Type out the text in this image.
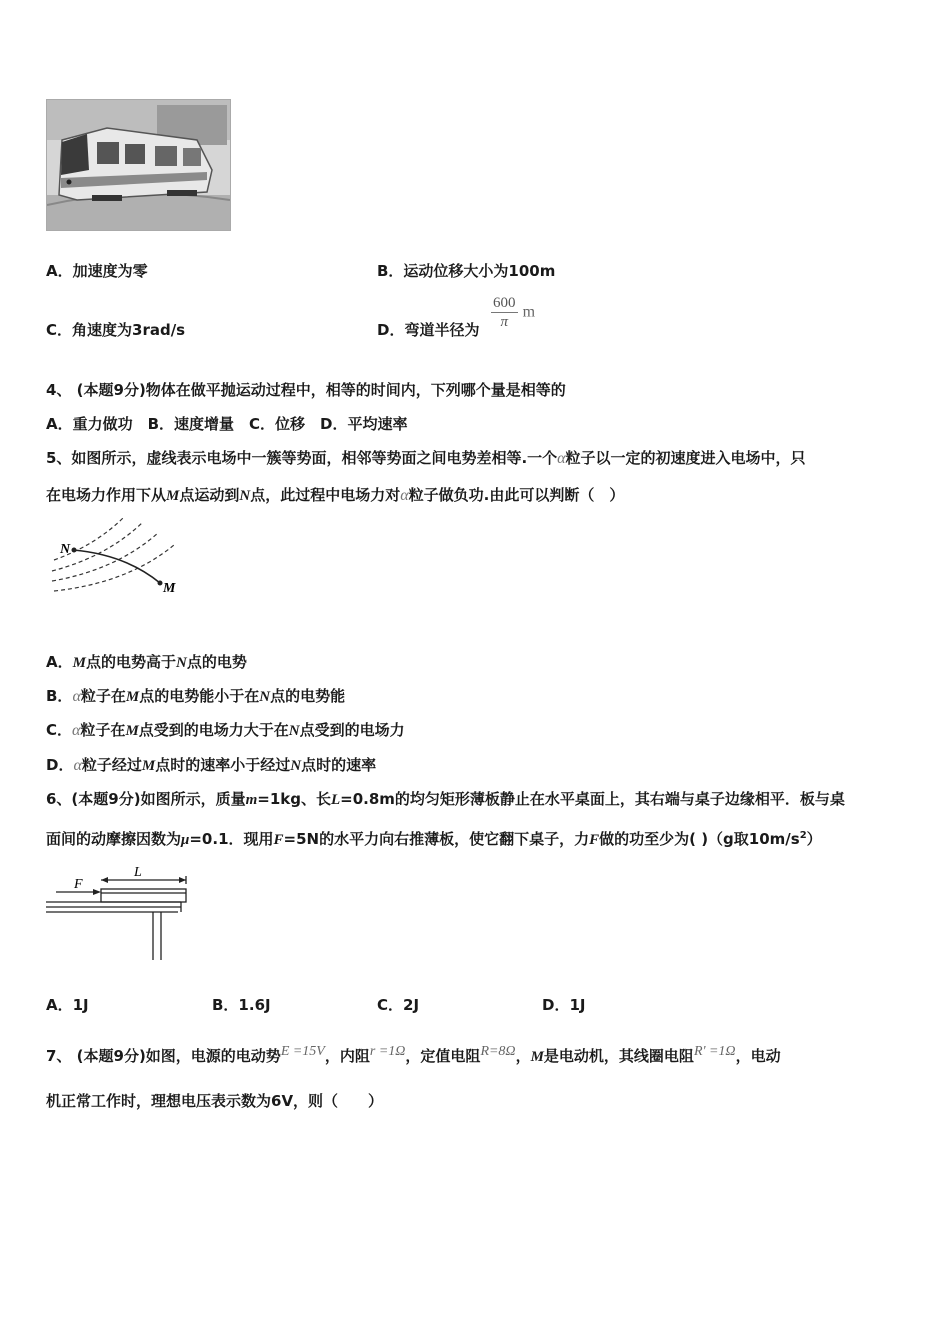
A．加速度为零	B．运动位移大小为100m
C．角速度为3rad/s	D．弯道半径为 $\frac{600}{\pi}$ m
4、 (本题9分)物体在做平抛运动过程中，相等的时间内，下列哪个量是相等的
A．重力做功　B．速度增量　C．位移　D．平均速率
5、如图所示，虚线表示电场中一簇等势面，相邻等势面之间电势差相等.一个α粒子以一定的初速度进入电场中，只
在电场力作用下从M点运动到N点，此过程中电场力对α粒子做负功.由此可以判断（　）
N
M
A．M点的电势高于N点的电势
B．α粒子在M点的电势能小于在N点的电势能
C．α粒子在M点受到的电场力大于在N点受到的电场力
D．α粒子经过M点时的速率小于经过N点时的速率
6、(本题9分)如图所示，质量m=1kg、长L=0.8m的均匀矩形薄板静止在水平桌面上，其右端与桌子边缘相平．板与桌
面间的动摩擦因数为μ=0.1．现用F=5N的水平力向右推薄板，使它翻下桌子，力F做的功至少为( )（g取$10m/s^2$）
F
L
A．1J	B．1.6J	C．2J	D．1J
7、 (本题9分)如图，电源的电动势$^{E =15V}$，内阻$^{r =1\Omega}$，定值电阻$^{R=8\Omega}$，M是电动机，其线圈电阻$^{R' =1\Omega}$，电动
机正常工作时，理想电压表示数为6V，则（　　）
